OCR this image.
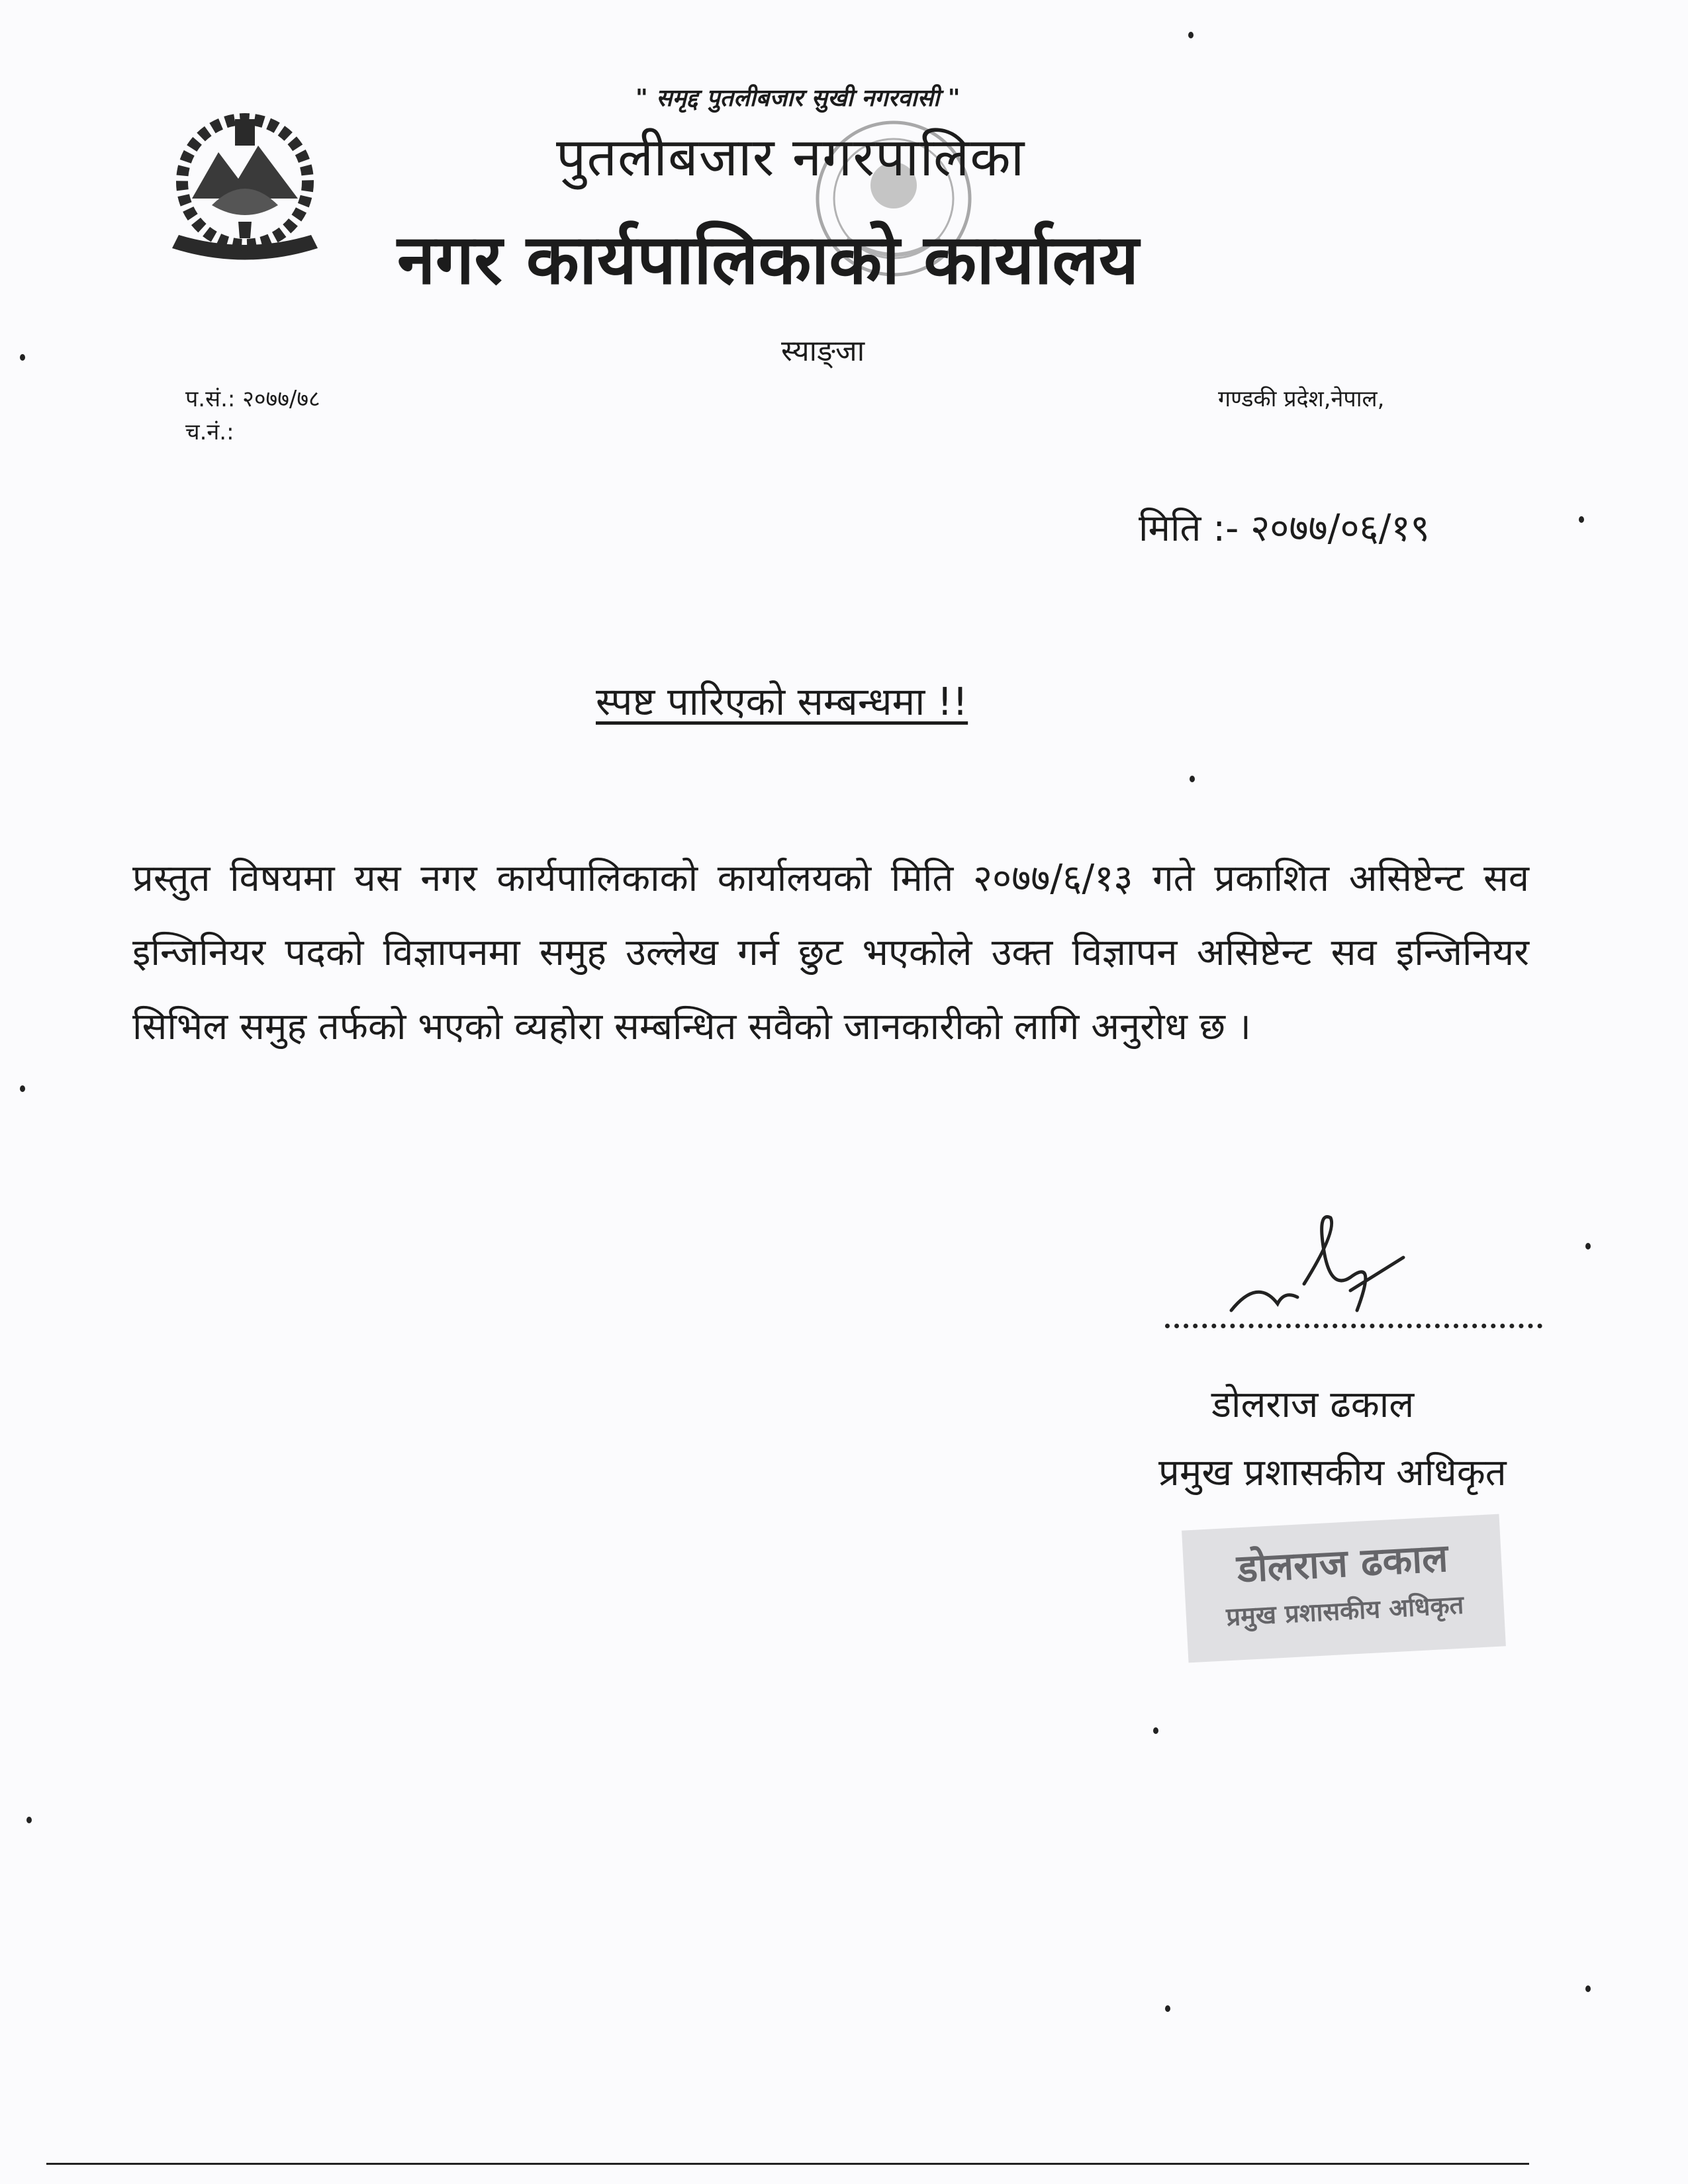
" समृद्द पुतलीबजार सुखी नगरवासी "
पुतलीबजार नगरपालिका
नगर कार्यपालिकाको कार्यालय
स्याङ्जा
प.सं.: २०७७/७८
च.नं.:
गण्डकी प्रदेश,नेपाल,
मिति :- २०७७/०६/१९
स्पष्ट पारिएको सम्बन्धमा !!
प्रस्तुत विषयमा यस नगर कार्यपालिकाको कार्यालयको मिति २०७७/६/१३ गते प्रकाशित असिष्टेन्ट सव इन्जिनियर पदको विज्ञापनमा समुह उल्लेख गर्न छुट भएकोले उक्त विज्ञापन असिष्टेन्ट सव इन्जिनियर सिभिल समुह तर्फको भएको व्यहोरा सम्बन्धित सवैको जानकारीको लागि अनुरोध छ ।
डोलराज ढकाल
प्रमुख प्रशासकीय अधिकृत
डोलराज ढकाल
प्रमुख प्रशासकीय अधिकृत
